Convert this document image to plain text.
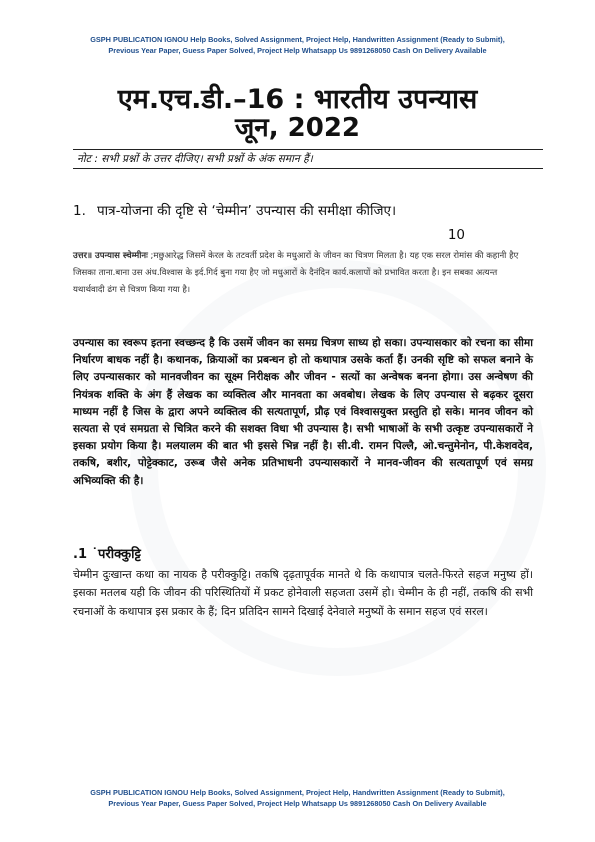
GSPH PUBLICATION IGNOU Help Books, Solved Assignment, Project Help, Handwritten Assignment (Ready to Submit),
Previous Year Paper, Guess Paper Solved, Project Help Whatsapp Us 9891268050 Cash On Delivery Available
एम.एच.डी.–16 : भारतीय उपन्यास
जून, 2022
नोट : सभी प्रश्नों के उत्तर दीजिए। सभी प्रश्नों के अंक समान हैं।
1. पात्र-योजना की दृष्टि से ‘चेम्मीन’ उपन्यास की समीक्षा कीजिए।
10
उत्तर॥ उपन्यास स्चेम्मीनः ;मछुआरेद्ध जिसमें केरल के तटवर्ती प्रदेश के मधुआरों के जीवन का चित्रण मिलता है। यह एक सरल रोमांस की कहानी हैए जिसका ताना.बाना उस अंध.विश्वास के इर्द.गिर्द बुना गया हैए जो मधुआरों के दैनंदिन कार्य.कलापों को प्रभावित करता है। इन सबका अत्यन्त यथार्थवादी ढंग से चित्रण किया गया है।
उपन्यास का स्वरूप इतना स्वच्छन्द है कि उसमें जीवन का समग्र चित्रण साध्य हो सका। उपन्यासकार को रचना का सीमा निर्धारण बाधक नहीं है। कथानक, क्रियाओं का प्रबन्धन हो तो कथापात्र उसके कर्ता हैं। उनकी सृष्टि को सफल बनाने के लिए उपन्यासकार को मानवजीवन का सूक्ष्म निरीक्षक और जीवन - सत्यों का अन्वेषक बनना होगा। उस अन्वेषण की नियंत्रक शक्ति के अंग हैं लेखक का व्यक्तित्व और मानवता का अवबोध। लेखक के लिए उपन्यास से बढ़कर दूसरा माध्यम नहीं है जिस के द्वारा अपने व्यक्तित्व की सत्यतापूर्ण, प्रौढ़ एवं विश्वासयुक्त प्रस्तुति हो सके। मानव जीवन को सत्यता से एवं समग्रता से चित्रित करने की सशक्त विधा भी उपन्यास है। सभी भाषाओं के सभी उत्कृष्ट उपन्यासकारों ने इसका प्रयोग किया है। मलयालम की बात भी इससे भिन्न नहीं है। सी.वी. रामन पिल्लै, ओ.चन्तुमेनोन, पी.केशवदेव, तकषि, बशीर, पोट्टेक्काट, उरूब जैसे अनेक प्रतिभाधनी उपन्यासकारों ने मानव-जीवन की सत्यतापूर्ण एवं समग्र अभिव्यक्ति की है।
.1 ˙परीक्कुट्टि
चेम्मीन दुःखान्त कथा का नायक है परीक्कुट्टि। तकषि दृढ़तापूर्वक मानते थे कि कथापात्र चलते-फिरते सहज मनुष्य हों। इसका मतलब यही कि जीवन की परिस्थितियों में प्रकट होनेवाली सहजता उसमें हो। चेम्मीन के ही नहीं, तकषि की सभी रचनाओं के कथापात्र इस प्रकार के हैं; दिन प्रतिदिन सामने दिखाई देनेवाले मनुष्यों के समान सहज एवं सरल।
GSPH PUBLICATION IGNOU Help Books, Solved Assignment, Project Help, Handwritten Assignment (Ready to Submit),
Previous Year Paper, Guess Paper Solved, Project Help Whatsapp Us 9891268050 Cash On Delivery Available
